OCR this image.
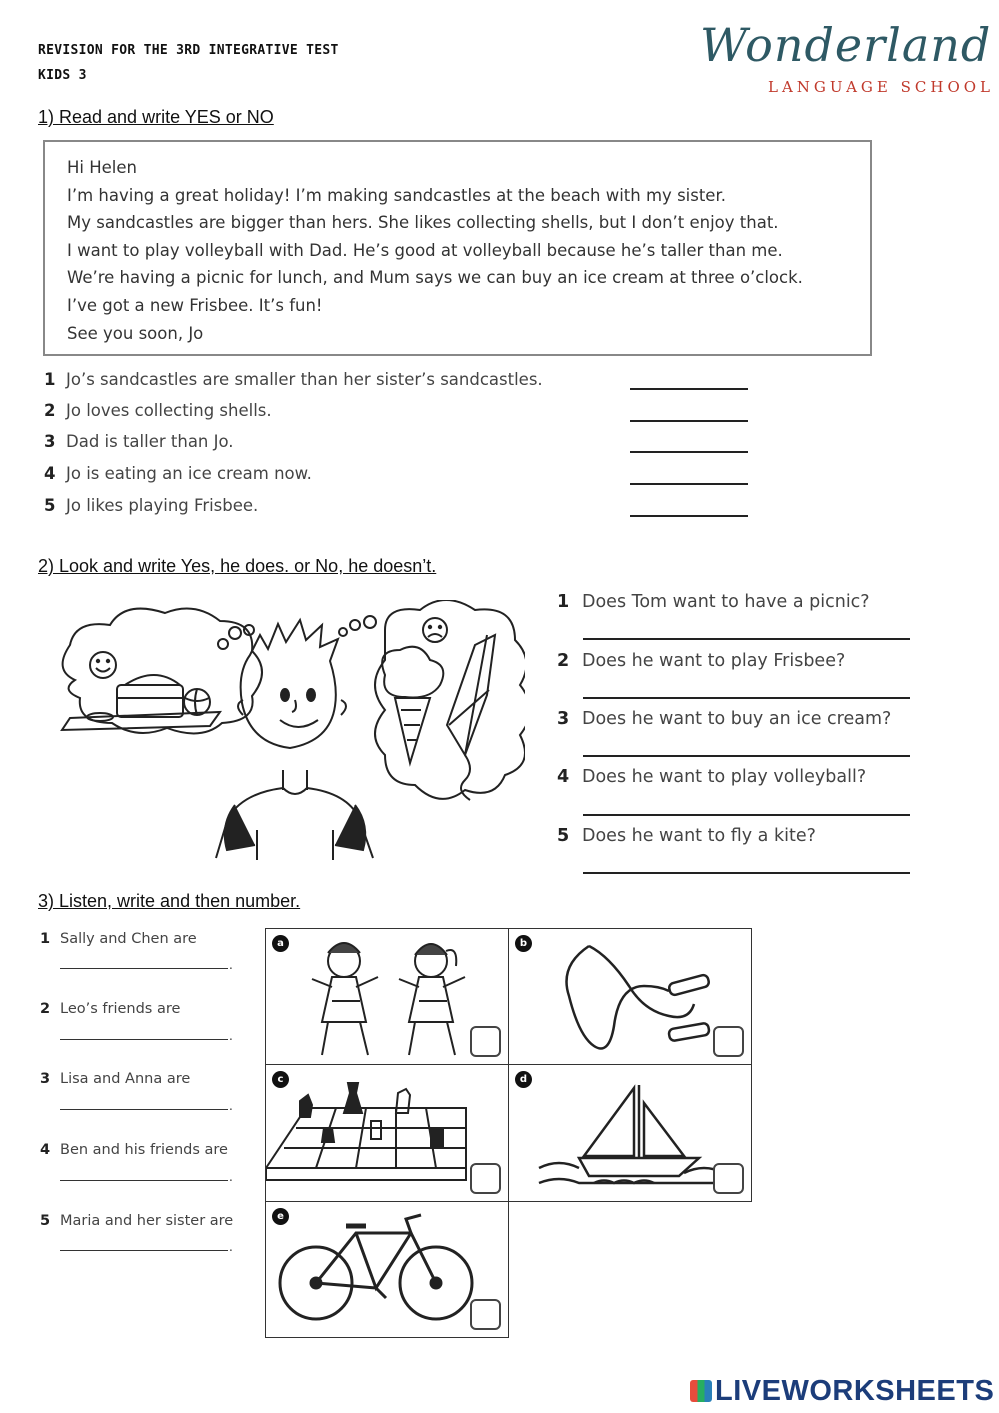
REVISION FOR THE 3RD INTEGRATIVE TEST
KIDS 3
Wonderland
LANGUAGE SCHOOL
1) Read and write YES or NO
Hi Helen
I’m having a great holiday! I’m making sandcastles at the beach with my sister.
My sandcastles are bigger than hers. She likes collecting shells, but I don’t enjoy that.
I want to play volleyball with Dad. He’s good at volleyball because he’s taller than me.
We’re having a picnic for lunch, and Mum says we can buy an ice cream at three o’clock.
I’ve got a new Frisbee. It’s fun!
See you soon, Jo
1 Jo’s sandcastles are smaller than her sister’s sandcastles.
2 Jo loves collecting shells.
3 Dad is taller than Jo.
4 Jo is eating an ice cream now.
5 Jo likes playing Frisbee.
2) Look and write Yes, he does. or No, he doesn’t.
1 Does Tom want to have a picnic?
2 Does he want to play Frisbee?
3 Does he want to buy an ice cream?
4 Does he want to play volleyball?
5 Does he want to fly a kite?
3) Listen, write and then number.
1 Sally and Chen are
.
2 Leo’s friends are
.
3 Lisa and Anna are
.
4 Ben and his friends are
.
5 Maria and her sister are
.
a	b
c	d
e
LIVEWORKSHEETS
